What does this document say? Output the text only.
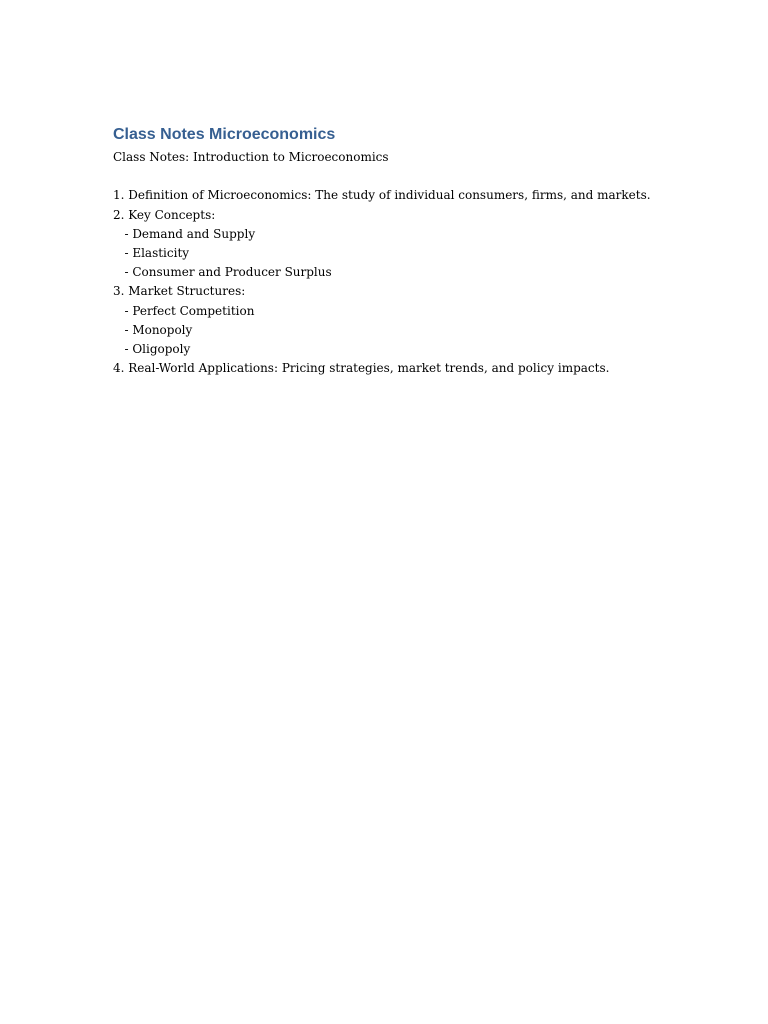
Class Notes Microeconomics
Class Notes: Introduction to Microeconomics
1. Definition of Microeconomics: The study of individual consumers, firms, and markets.
2. Key Concepts:
- Demand and Supply
- Elasticity
- Consumer and Producer Surplus
3. Market Structures:
- Perfect Competition
- Monopoly
- Oligopoly
4. Real-World Applications: Pricing strategies, market trends, and policy impacts.
